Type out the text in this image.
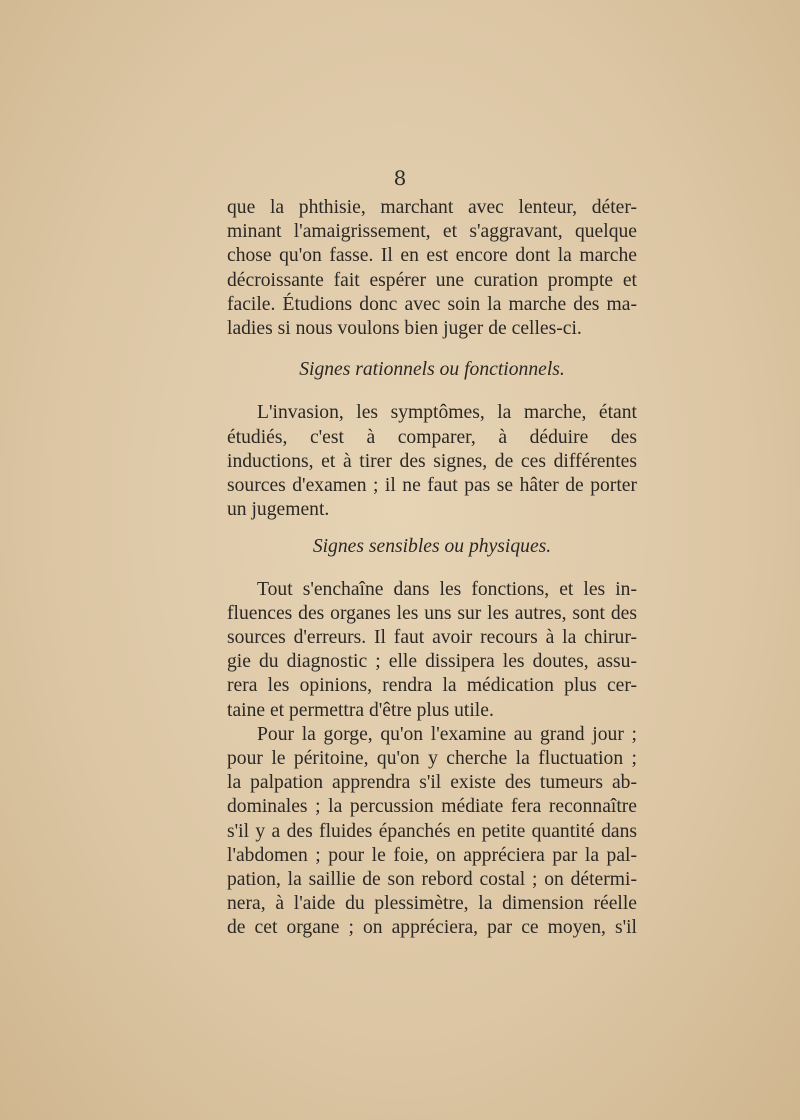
8
que la phthisie, marchant avec lenteur, déter-
minant l'amaigrissement, et s'aggravant, quelque
chose qu'on fasse. Il en est encore dont la marche
décroissante fait espérer une curation prompte et
facile. Étudions donc avec soin la marche des ma-
ladies si nous voulons bien juger de celles-ci.
Signes rationnels ou fonctionnels.
L'invasion, les symptômes, la marche, étant
étudiés, c'est à comparer, à déduire des
inductions, et à tirer des signes, de ces différentes
sources d'examen ; il ne faut pas se hâter de porter
un jugement.
Signes sensibles ou physiques.
Tout s'enchaîne dans les fonctions, et les in-
fluences des organes les uns sur les autres, sont des
sources d'erreurs. Il faut avoir recours à la chirur-
gie du diagnostic ; elle dissipera les doutes, assu-
rera les opinions, rendra la médication plus cer-
taine et permettra d'être plus utile.
Pour la gorge, qu'on l'examine au grand jour ;
pour le péritoine, qu'on y cherche la fluctuation ;
la palpation apprendra s'il existe des tumeurs ab-
dominales ; la percussion médiate fera reconnaître
s'il y a des fluides épanchés en petite quantité dans
l'abdomen ; pour le foie, on appréciera par la pal-
pation, la saillie de son rebord costal ; on détermi-
nera, à l'aide du plessimètre, la dimension réelle
de cet organe ; on appréciera, par ce moyen, s'il
